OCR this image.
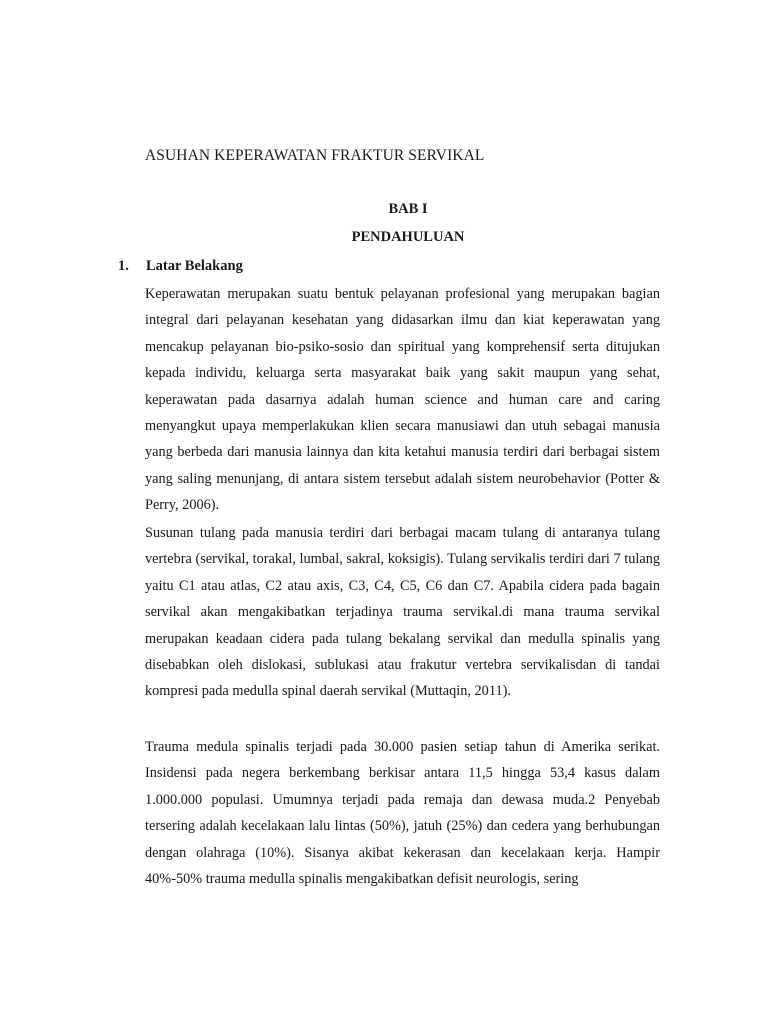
ASUHAN KEPERAWATAN FRAKTUR SERVIKAL
BAB I
PENDAHULUAN
1. Latar Belakang

Keperawatan merupakan suatu bentuk pelayanan profesional yang merupakan bagian integral dari pelayanan kesehatan yang didasarkan ilmu dan kiat keperawatan yang mencakup pelayanan bio-psiko-sosio dan spiritual yang komprehensif serta ditujukan kepada individu, keluarga serta masyarakat baik yang sakit maupun yang sehat, keperawatan pada dasarnya adalah human science and human care and caring menyangkut upaya memperlakukan klien secara manusiawi dan utuh sebagai manusia yang berbeda dari manusia lainnya dan kita ketahui manusia terdiri dari berbagai sistem yang saling menunjang, di antara sistem tersebut adalah sistem neurobehavior (Potter & Perry, 2006).

Susunan tulang pada manusia terdiri dari berbagai macam tulang di antaranya tulang vertebra (servikal, torakal, lumbal, sakral, koksigis). Tulang servikalis terdiri dari 7 tulang yaitu C1 atau atlas, C2 atau axis, C3, C4, C5, C6 dan C7. Apabila cidera pada bagain servikal akan mengakibatkan terjadinya trauma servikal.di mana trauma servikal merupakan keadaan cidera pada tulang bekalang servikal dan medulla spinalis yang disebabkan oleh dislokasi, sublukasi atau frakutur vertebra servikalisdan di tandai kompresi pada medulla spinal daerah servikal (Muttaqin, 2011).

Trauma medula spinalis terjadi pada 30.000 pasien setiap tahun di Amerika serikat. Insidensi pada negera berkembang berkisar antara 11,5 hingga 53,4 kasus dalam 1.000.000 populasi. Umumnya terjadi pada remaja dan dewasa muda.2 Penyebab tersering adalah kecelakaan lalu lintas (50%), jatuh (25%) dan cedera yang berhubungan dengan olahraga (10%). Sisanya akibat kekerasan dan kecelakaan kerja. Hampir 40%-50% trauma medulla spinalis mengakibatkan defisit neurologis, sering
